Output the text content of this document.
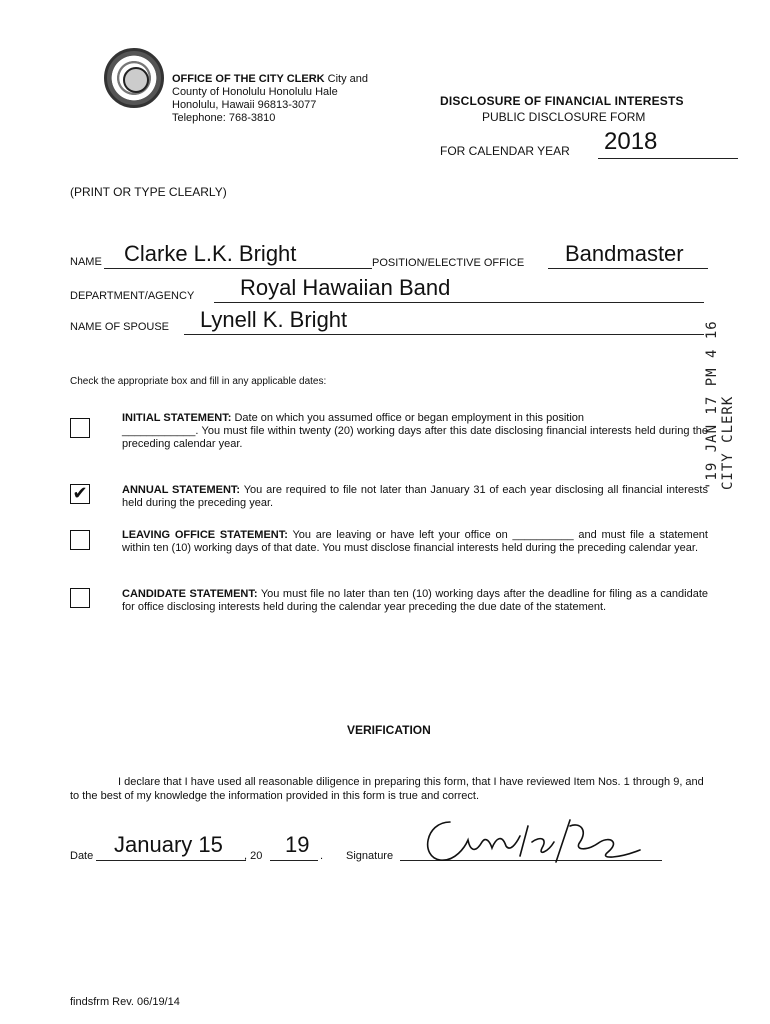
OFFICE OF THE CITY CLERK City and County of Honolulu Honolulu Hale
Honolulu, Hawaii 96813-3077
Telephone: 768-3810
DISCLOSURE OF FINANCIAL INTERESTS
PUBLIC DISCLOSURE FORM
FOR CALENDAR YEAR 2018
(PRINT OR TYPE CLEARLY)
NAME Clarke L.K. Bright	POSITION/ELECTIVE OFFICE Bandmaster
DEPARTMENT/AGENCY Royal Hawaiian Band
NAME OF SPOUSE Lynell K. Bright
'19 JAN 17 PM 4 16 CITY CLERK
Check the appropriate box and fill in any applicable dates:
INITIAL STATEMENT: Date on which you assumed office or began employment in this position
____________. You must file within twenty (20) working days after this date disclosing financial interests held during the preceding calendar year.
✔	ANNUAL STATEMENT: You are required to file not later than January 31 of each year disclosing all financial interests held during the preceding year.
LEAVING OFFICE STATEMENT: You are leaving or have left your office on __________ and must file a statement within ten (10) working days of that date. You must disclose financial interests held during the preceding calendar year.
CANDIDATE STATEMENT: You must file no later than ten (10) working days after the deadline for filing as a candidate for office disclosing interests held during the calendar year preceding the due date of the statement.
VERIFICATION
I declare that I have used all reasonable diligence in preparing this form, that I have reviewed Item Nos. 1 through 9, and to the best of my knowledge the information provided in this form is true and correct.
Date January 15 , 20 19 . Signature
findsfrm Rev. 06/19/14
